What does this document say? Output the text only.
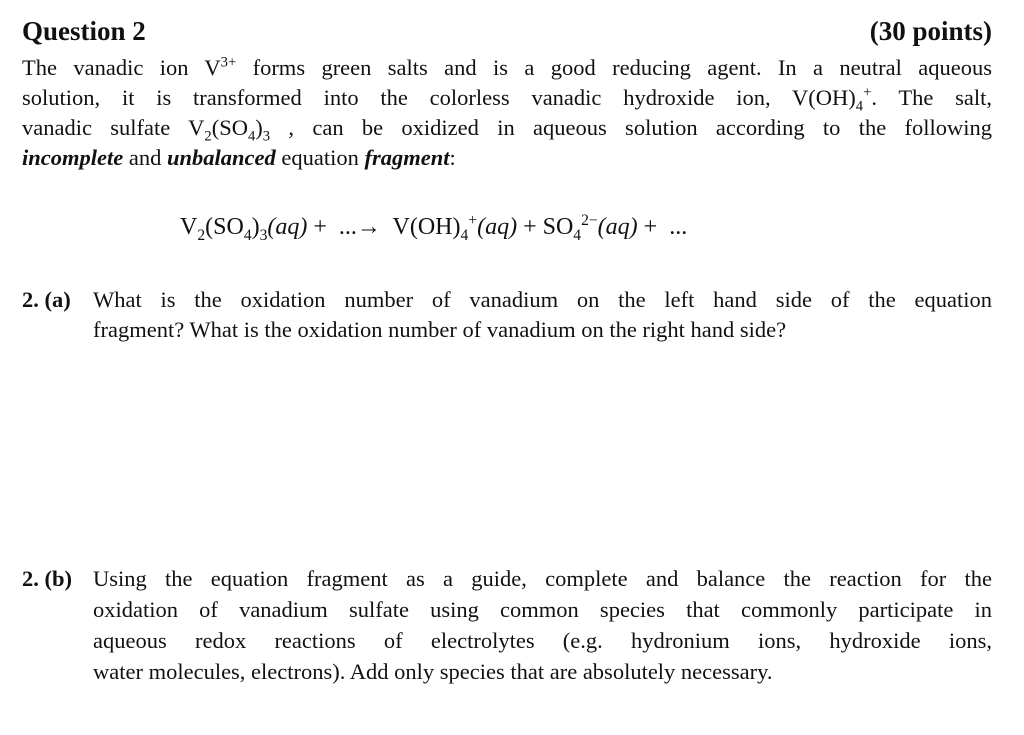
Question 2	(30 points)
The vanadic ion $V^{3+}$ forms green salts and is a good reducing agent. In a neutral aqueous
solution, it is transformed into the colorless vanadic hydroxide ion, $V(OH)_4^+$. The salt,
vanadic sulfate $V_2(SO_4)_3$ , can be oxidized in aqueous solution according to the following
incomplete and unbalanced equation fragment:
$V_2(SO_4)_3(aq)$ +  ...→  $V(OH)_4^+(aq) + SO_4^{2-}(aq)$ +  ...
2. (a) What is the oxidation number of vanadium on the left hand side of the equation
fragment? What is the oxidation number of vanadium on the right hand side?
2. (b) Using the equation fragment as a guide, complete and balance the reaction for the
oxidation of vanadium sulfate using common species that commonly participate in
aqueous redox reactions of electrolytes (e.g. hydronium ions, hydroxide ions,
water molecules, electrons). Add only species that are absolutely necessary.
